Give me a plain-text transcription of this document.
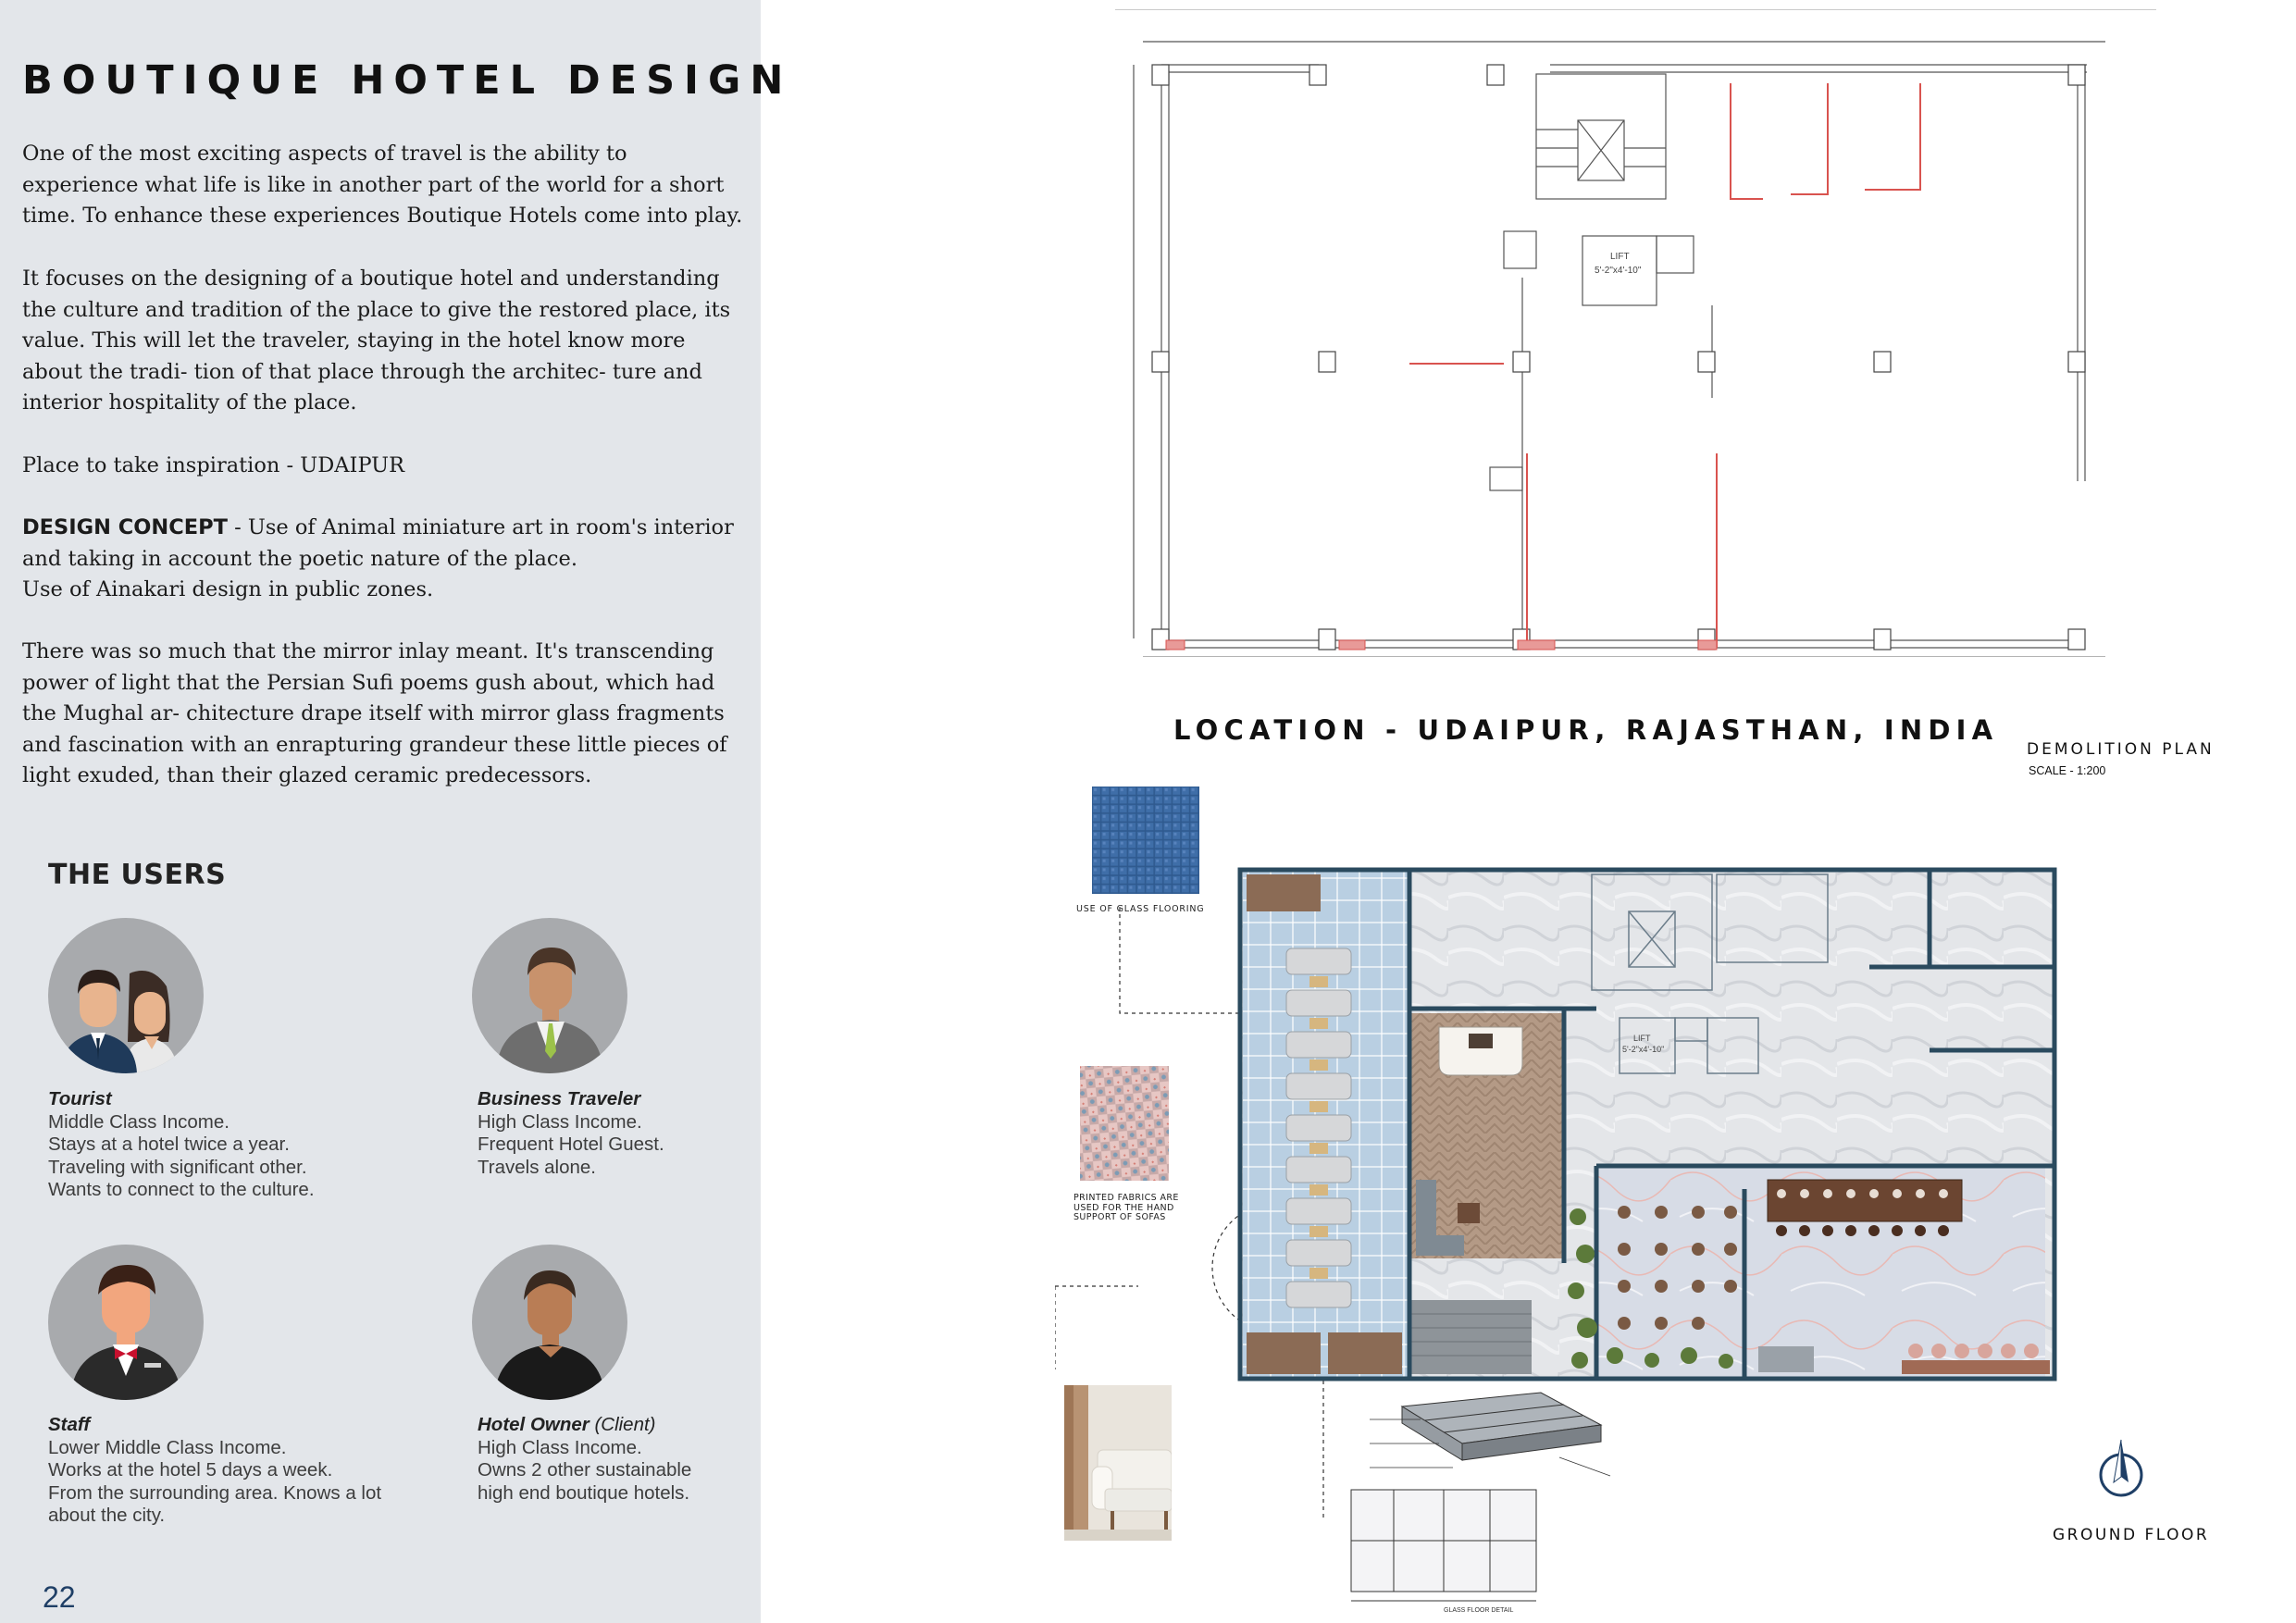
BOUTIQUE HOTEL DESIGN

One of the most exciting aspects of travel is the ability to experience what life is like in another part of the world for a short time. To enhance these experiences Boutique Hotels come into play.

It focuses on the designing of a boutique hotel and understanding the culture and tradition of the place to give the restored place, its value. This will let the traveler, staying in the hotel know more about the tradi- tion of that place through the architec- ture and interior hospitality of the place.

Place to take inspiration - UDAIPUR

DESIGN CONCEPT - Use of Animal miniature art in room's interior and taking in account the poetic nature of the place.
Use of Ainakari design in public zones.

There was so much that the mirror inlay meant. It's transcending power of light that the Persian Sufi poems gush about, which had the Mughal ar- chitecture drape itself with mirror glass fragments and fascination with an enrapturing grandeur these little pieces of light exuded, than their glazed ceramic predecessors.

THE USERS
Tourist
Middle Class Income.
Stays at a hotel twice a year.
Traveling with significant other.
Wants to connect to the culture.
Business Traveler
High Class Income.
Frequent Hotel Guest.
Travels alone.
Staff
Lower Middle Class Income.
Works at the hotel 5 days a week.
From the surrounding area. Knows a lot about the city.
Hotel Owner (Client)
High Class Income.
Owns 2 other sustainable
high end boutique hotels.
22
LIFT
5'-2"x4'-10"
LOCATION - UDAIPUR, RAJASTHAN, INDIA
DEMOLITION PLAN
SCALE - 1:200
USE OF GLASS FLOORING
PRINTED FABRICS ARE USED FOR THE HAND SUPPORT OF SOFAS
LIFT
5'-2"x4'-10"
GLASS FLOOR DETAIL
GROUND FLOOR
